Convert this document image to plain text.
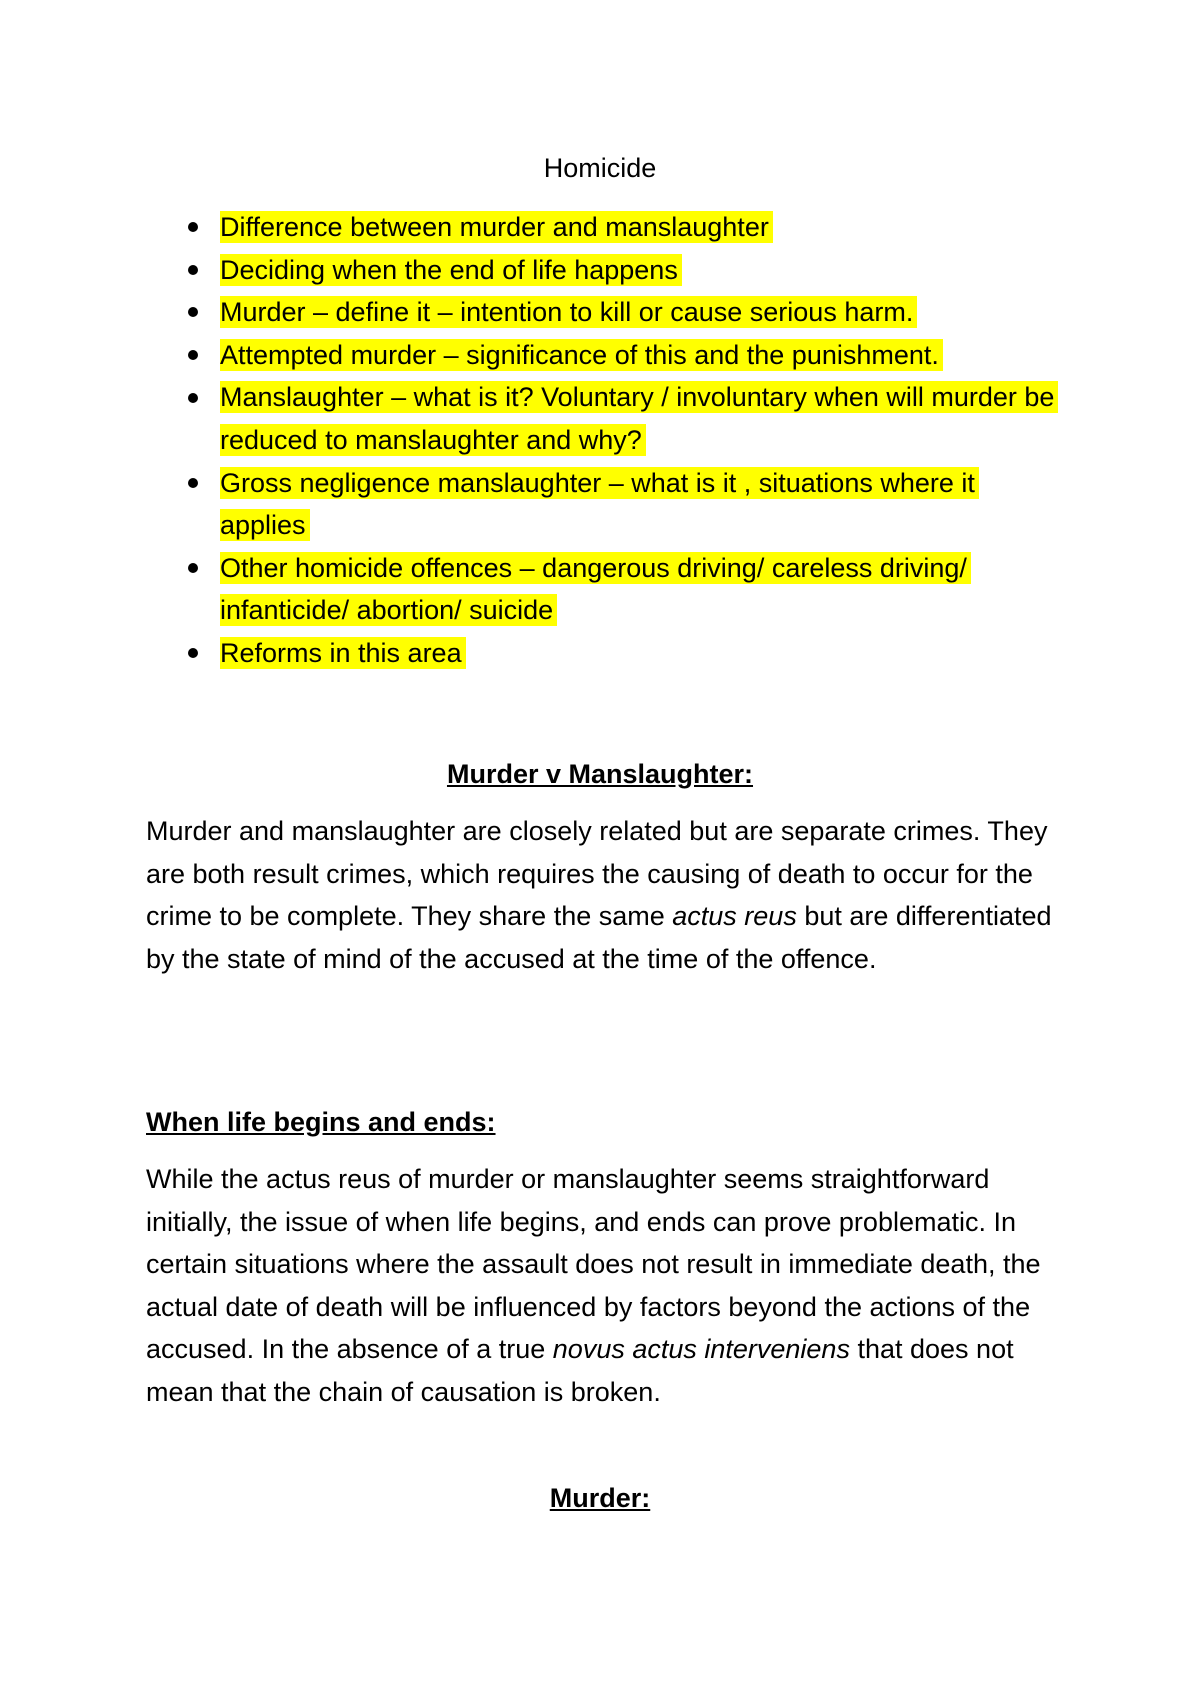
Homicide
Difference between murder and manslaughter
Deciding when the end of life happens
Murder – define it – intention to kill or cause serious harm.
Attempted murder – significance of this and the punishment.
Manslaughter – what is it? Voluntary / involuntary when will murder be reduced to manslaughter and why?
Gross negligence manslaughter – what is it , situations where it applies
Other homicide offences – dangerous driving/ careless driving/ infanticide/ abortion/ suicide
Reforms in this area
Murder v Manslaughter:

Murder and manslaughter are closely related but are separate crimes. They are both result crimes, which requires the causing of death to occur for the crime to be complete. They share the same actus reus but are differentiated by the state of mind of the accused at the time of the offence.

When life begins and ends:

While the actus reus of murder or manslaughter seems straightforward initially, the issue of when life begins, and ends can prove problematic. In certain situations where the assault does not result in immediate death, the actual date of death will be influenced by factors beyond the actions of the accused. In the absence of a true novus actus interveniens that does not mean that the chain of causation is broken.

Murder:
